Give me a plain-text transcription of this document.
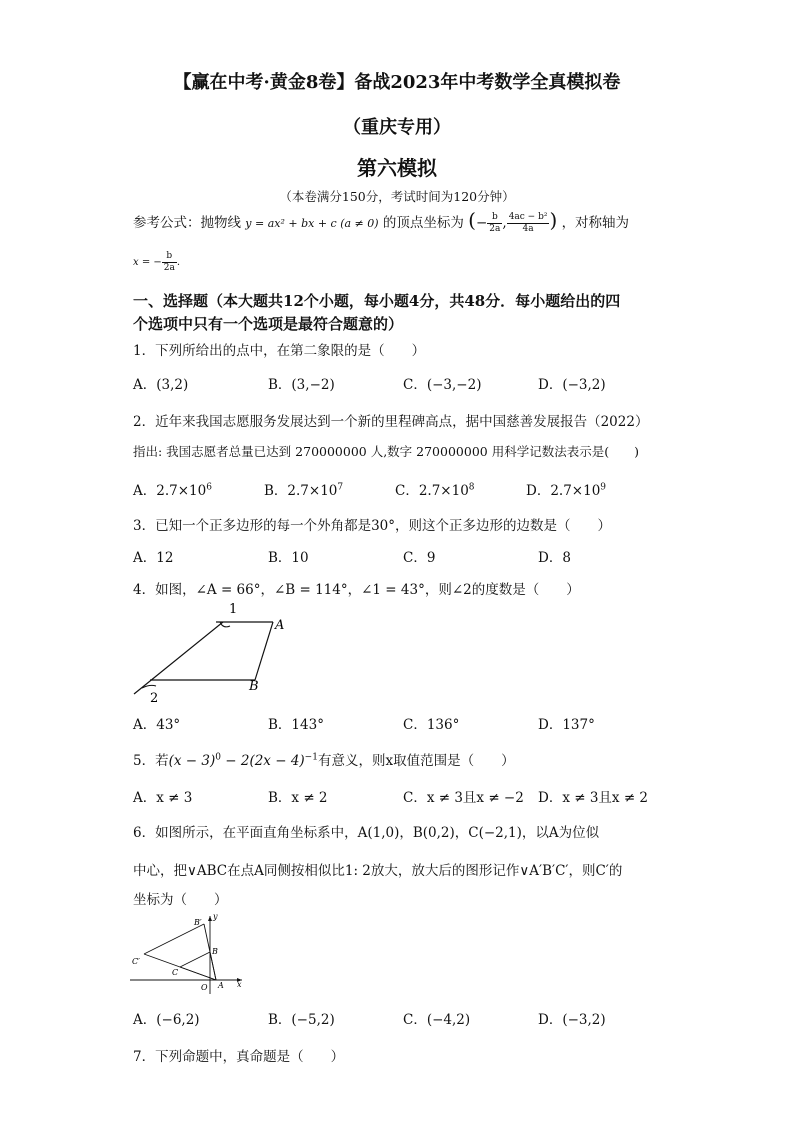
【赢在中考·黄金8卷】备战2023年中考数学全真模拟卷
（重庆专用）
第六模拟
（本卷满分150分，考试时间为120分钟）
参考公式：抛物线 y = ax² + bx + c (a ≠ 0) 的顶点坐标为 (− $\frac{b}{2a}$ , $\frac{\text{4ac − b²}}{4a}$ ) ，对称轴为
x = − $\frac{b}{2a}$ .
一、选择题（本大题共12个小题，每小题4分，共48分．每小题给出的四
个选项中只有一个选项是最符合题意的）
1．下列所给出的点中，在第二象限的是（　　）
A．(3,2)	B．(3,−2)	C．(−3,−2)	D．(−3,2)
2．近年来我国志愿服务发展达到一个新的里程碑高点，据中国慈善发展报告（2022）
指出: 我国志愿者总量已达到 270000000 人,数字 270000000 用科学记数法表示是(　　)
A．$2.7\times 10^6$	B．$2.7\times 10^7$	C．$2.7\times 10^8$	D．$2.7\times 10^9$
3．已知一个正多边形的每一个外角都是30°，则这个正多边形的边数是（　　）
A．12	B．10	C．9	D．8
4．如图，∠A = 66°，∠B = 114°，∠1 = 43°，则∠2的度数是（　　）
1
A
B
2
A．43°	B．143°	C．136°	D．137°
5．若$(x - 3)^0 - 2(2x - 4)^{-1}$有意义，则x取值范围是（　　）
A．x ≠ 3	B．x ≠ 2	C．x ≠ 3且x ≠ −2 D．x ≠ 3且x ≠ 2
6．如图所示，在平面直角坐标系中，A(1,0)，B(0,2)，C(−2,1)，以A为位似
中心，把∨ABC在点A同侧按相似比1: 2放大，放大后的图形记作∨A′B′C′，则C′的
坐标为（　　）
y
x
O A
B
B′
C
C′
A．(−6,2)	B．(−5,2)	C．(−4,2)	D．(−3,2)
7．下列命题中，真命题是（　　）
